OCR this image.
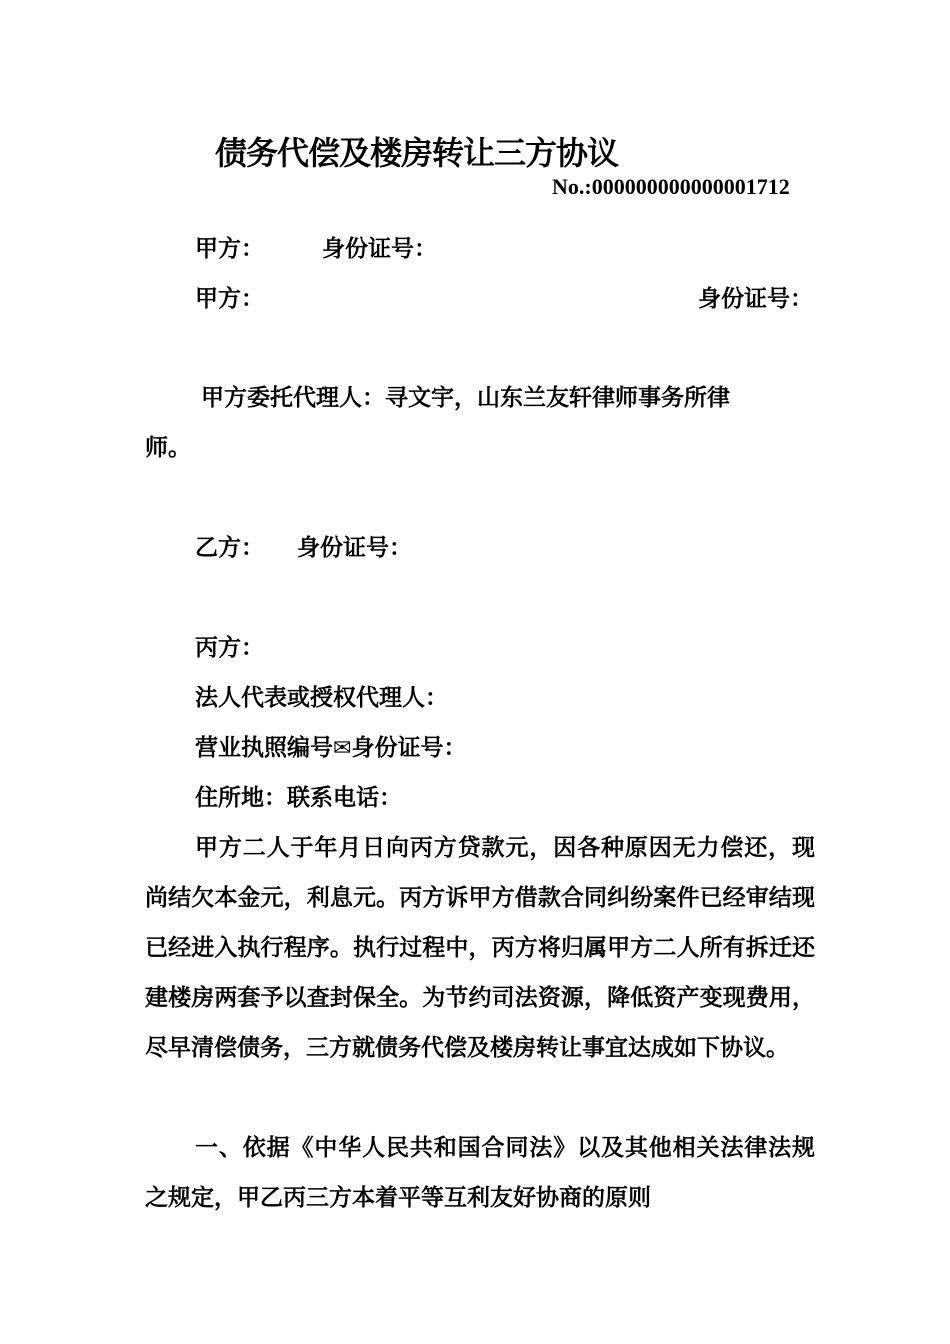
债务代偿及楼房转让三方协议
No.:000000000000001712
甲方：	身份证号：
甲方：	身份证号：
甲方委托代理人：寻文宇，山东兰友轩律师事务所律
师。
乙方： 身份证号：
丙方：
法人代表或授权代理人：
营业执照编号✉身份证号：
住所地：联系电话：
甲方二人于年月日向丙方贷款元，因各种原因无力偿还，现尚结欠本金元，利息元。丙方诉甲方借款合同纠纷案件已经审结现已经进入执行程序。执行过程中，丙方将归属甲方二人所有拆迁还建楼房两套予以查封保全。为节约司法资源，降低资产变现费用，尽早清偿债务，三方就债务代偿及楼房转让事宜达成如下协议。
一、依据《中华人民共和国合同法》以及其他相关法律法规之规定，甲乙丙三方本着平等互利友好协商的原则
